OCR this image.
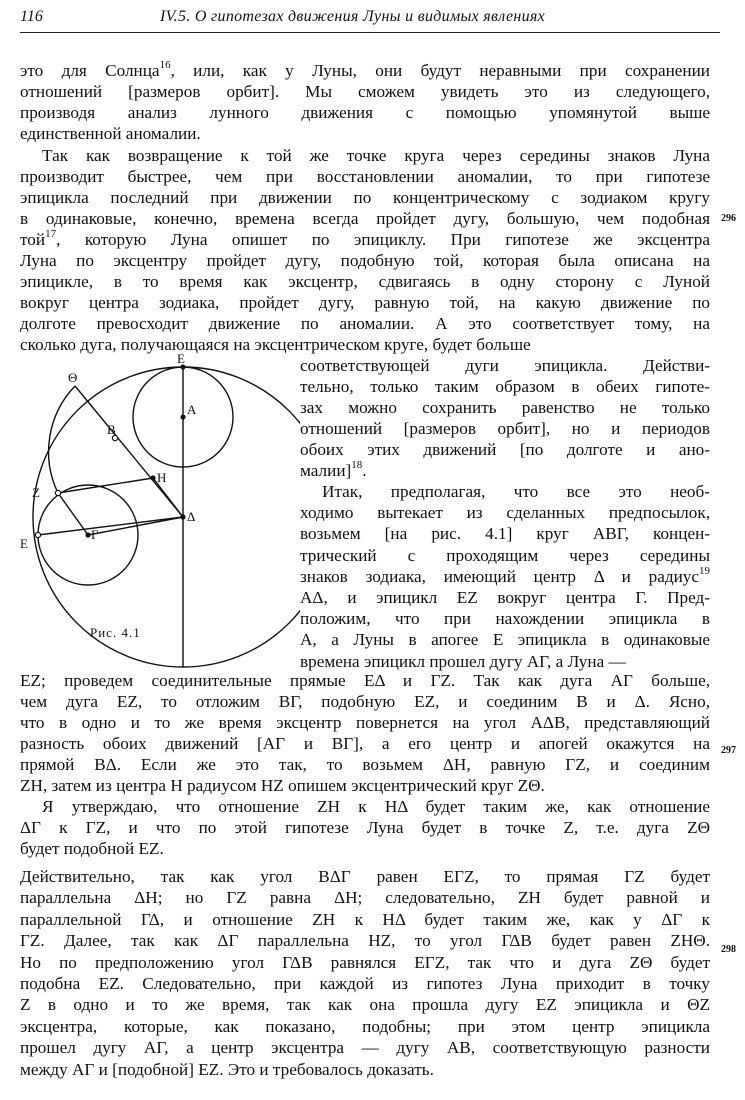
116	IV.5. О гипотезах движения Луны и видимых явлениях
это для Солнца$^{16}$, или, как у Луны, они будут неравными при сохранении
отношений [размеров орбит]. Мы сможем увидеть это из следующего,
производя анализ лунного движения с помощью упомянутой выше
единственной аномалии.
Так как возвращение к той же точке круга через середины знаков Луна
производит быстрее, чем при восстановлении аномалии, то при гипотезе
эпицикла последний при движении по концентрическому с зодиаком кругу
в одинаковые, конечно, времена всегда пройдет дугу, большую, чем подобная
той$^{17}$, которую Луна опишет по эпициклу. При гипотезе же эксцентра
Луна по эксцентру пройдет дугу, подобную той, которая была описана на
эпицикле, в то время как эксцентр, сдвигаясь в одну сторону с Луной
вокруг центра зодиака, пройдет дугу, равную той, на какую движение по
долготе превосходит движение по аномалии. А это соответствует тому, на
сколько дуга, получающаяся на эксцентрическом круге, будет больше
соответствующей дуги эпицикла. Действи-
тельно, только таким образом в обеих гипоте-
зах можно сохранить равенство не только
отношений [размеров орбит], но и периодов
обоих этих движений [по долготе и ано-
малии]$^{18}$.
Итак, предполагая, что все это необ-
ходимо вытекает из сделанных предпосылок,
возьмем [на рис. 4.1] круг ΑΒΓ, концен-
трический с проходящим через середины
знаков зодиака, имеющий центр Δ и радиус$^{19}$
ΑΔ, и эпицикл ΕΖ вокруг центра Γ. Пред-
положим, что при нахождении эпицикла в
Α, а Луны в апогее Ε эпицикла в одинаковые
времена эпицикл прошел дугу ΑΓ, а Луна —
ΕΖ; проведем соединительные прямые ΕΔ и ΓΖ. Так как дуга ΑΓ больше,
чем дуга ΕΖ, то отложим ΒΓ, подобную ΕΖ, и соединим Β и Δ. Ясно,
что в одно и то же время эксцентр повернется на угол ΑΔΒ, представляющий
разность обоих движений [ΑΓ и ΒΓ], а его центр и апогей окажутся на
прямой ΒΔ. Если же это так, то возьмем ΔΗ, равную ΓΖ, и соединим
ΖΗ, затем из центра Η радиусом ΗΖ опишем эксцентрический круг ΖΘ.
Я утверждаю, что отношение ΖΗ к ΗΔ будет таким же, как отношение
ΔΓ к ΓΖ, и что по этой гипотезе Луна будет в точке Ζ, т.е. дуга ΖΘ
будет подобной ΕΖ.
Действительно, так как угол ΒΔΓ равен ΕΓΖ, то прямая ΓΖ будет
параллельна ΔΗ; но ΓΖ равна ΔΗ; следовательно, ΖΗ будет равной и
параллельной ΓΔ, и отношение ΖΗ к ΗΔ будет таким же, как у ΔΓ к
ΓΖ. Далее, так как ΔΓ параллельна ΗΖ, то угол ΓΔΒ будет равен ΖΗΘ.
Но по предположению угол ΓΔΒ равнялся ΕΓΖ, так что и дуга ΖΘ будет
подобна ΕΖ. Следовательно, при каждой из гипотез Луна приходит в точку
Ζ в одно и то же время, так как она прошла дугу ΕΖ эпицикла и ΘΖ
эксцентра, которые, как показано, подобны; при этом центр эпицикла
прошел дугу ΑΓ, а центр эксцентра — дугу ΑΒ, соответствующую разности
между ΑΓ и [подобной] ΕΖ. Это и требовалось доказать.
296
297
298
Ε
Α
Θ
Β
Η
Ζ
Δ
Ε
Γ
Рис. 4.1
